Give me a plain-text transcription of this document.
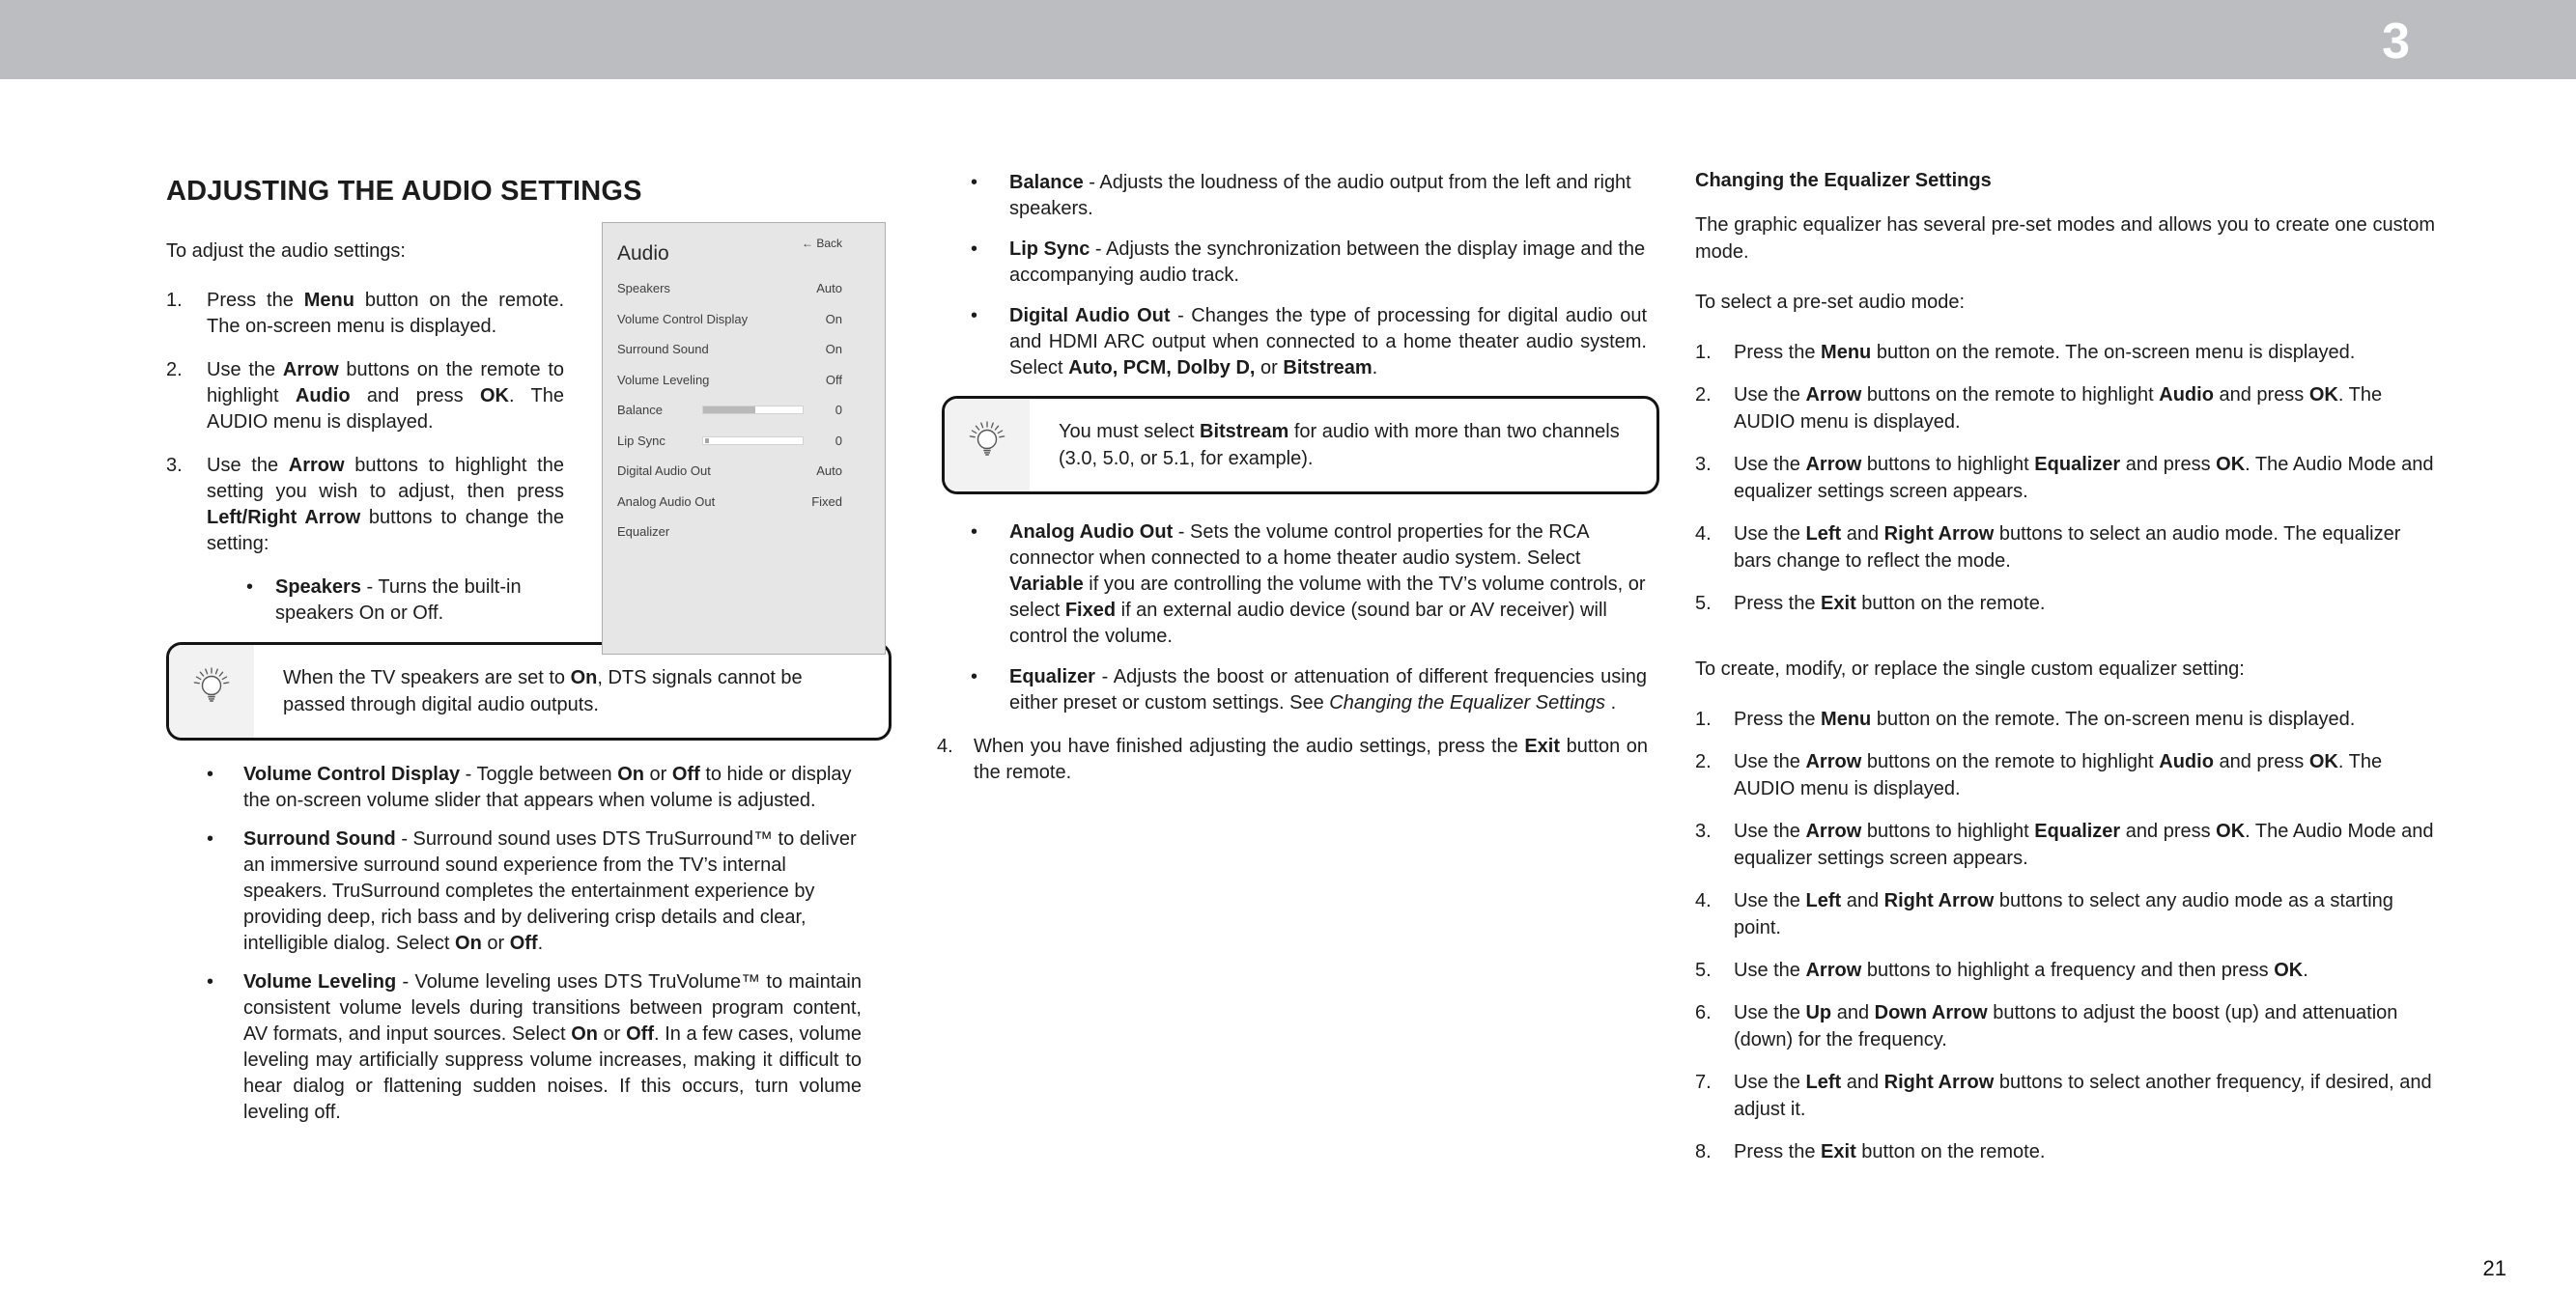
3
ADJUSTING THE AUDIO SETTINGS

To adjust the audio settings:

1.	Press the Menu button on the remote. The on-screen menu is displayed.
2.	Use the Arrow buttons on the remote to highlight Audio and press OK. The AUDIO menu is displayed.
3.	Use the Arrow buttons to highlight the setting you wish to adjust, then press Left/Right Arrow buttons to change the setting:
•	Speakers - Turns the built-in speakers On or Off.
When the TV speakers are set to On, DTS signals cannot be passed through digital audio outputs.
•	Volume Control Display - Toggle between On or Off to hide or display the on-screen volume slider that appears when volume is adjusted.
•	Surround Sound - Surround sound uses DTS TruSurround™ to deliver an immersive surround sound experience from the TV’s internal speakers. TruSurround completes the entertainment experience by providing deep, rich bass and by delivering crisp details and clear, intelligible dialog. Select On or Off.
•	Volume Leveling - Volume leveling uses DTS TruVolume™ to maintain consistent volume levels during transitions between program content, AV formats, and input sources. Select On or Off. In a few cases, volume leveling may artificially suppress volume increases, making it difficult to hear dialog or flattening sudden noises. If this occurs, turn volume leveling off.
Audio	← Back
Speakers	Auto
Volume Control Display	On
Surround Sound	On
Volume Leveling	Off
Balance	0
Lip Sync	0
Digital Audio Out	Auto
Analog Audio Out	Fixed
Equalizer
•	Balance - Adjusts the loudness of the audio output from the left and right speakers.
•	Lip Sync - Adjusts the synchronization between the display image and the accompanying audio track.
•	Digital Audio Out - Changes the type of processing for digital audio out and HDMI ARC output when connected to a home theater audio system. Select Auto, PCM, Dolby D, or Bitstream.
You must select Bitstream for audio with more than two channels (3.0, 5.0, or 5.1, for example).
•	Analog Audio Out - Sets the volume control properties for the RCA connector when connected to a home theater audio system. Select Variable if you are controlling the volume with the TV’s volume controls, or select Fixed if an external audio device (sound bar or AV receiver) will control the volume.
•	Equalizer - Adjusts the boost or attenuation of different frequencies using either preset or custom settings. See Changing the Equalizer Settings .
4.	When you have finished adjusting the audio settings, press the Exit button on the remote.
Changing the Equalizer Settings

The graphic equalizer has several pre-set modes and allows you to create one custom mode.

To select a pre-set audio mode:

1.	Press the Menu button on the remote. The on-screen menu is displayed.
2.	Use the Arrow buttons on the remote to highlight Audio and press OK. The AUDIO menu is displayed.
3.	Use the Arrow buttons to highlight Equalizer and press OK. The Audio Mode and equalizer settings screen appears.
4.	Use the Left and Right Arrow buttons to select an audio mode. The equalizer bars change to reflect the mode.
5.	Press the Exit button on the remote.

To create, modify, or replace the single custom equalizer setting:

1.	Press the Menu button on the remote. The on-screen menu is displayed.
2.	Use the Arrow buttons on the remote to highlight Audio and press OK. The AUDIO menu is displayed.
3.	Use the Arrow buttons to highlight Equalizer and press OK. The Audio Mode and equalizer settings screen appears.
4.	Use the Left and Right Arrow buttons to select any audio mode as a starting point.
5.	Use the Arrow buttons to highlight a frequency and then press OK.
6.	Use the Up and Down Arrow buttons to adjust the boost (up) and attenuation (down) for the frequency.
7.	Use the Left and Right Arrow buttons to select another frequency, if desired, and adjust it.
8.	Press the Exit button on the remote.
21
